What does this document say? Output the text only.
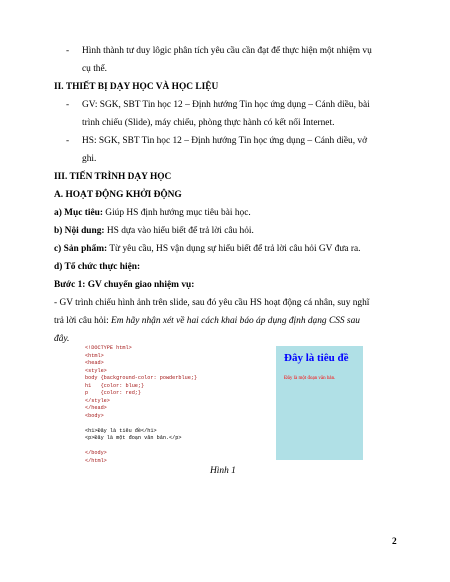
- Hình thành tư duy lôgic phân tích yêu cầu cần đạt để thực hiện một nhiệm vụ
cụ thể.
II. THIẾT BỊ DẠY HỌC VÀ HỌC LIỆU
- GV: SGK, SBT Tin học 12 – Định hướng Tin học ứng dụng – Cánh diều, bài
trình chiếu (Slide), máy chiếu, phòng thực hành có kết nối Internet.
- HS: SGK, SBT Tin học 12 – Định hướng Tin học ứng dụng – Cánh diều, vở
ghi.
III. TIẾN TRÌNH DẠY HỌC
A. HOẠT ĐỘNG KHỞI ĐỘNG
a) Mục tiêu: Giúp HS định hướng mục tiêu bài học.
b) Nội dung: HS dựa vào hiểu biết để trả lời câu hỏi.
c) Sản phẩm: Từ yêu cầu, HS vận dụng sự hiểu biết để trả lời câu hỏi GV đưa ra.
d) Tổ chức thực hiện:
Bước 1: GV chuyển giao nhiệm vụ:
- GV trình chiếu hình ảnh trên slide, sau đó yêu cầu HS hoạt động cá nhân, suy nghĩ
trả lời câu hỏi: Em hãy nhận xét về hai cách khai báo áp dụng định dạng CSS sau
đây.
<!DOCTYPE html>
<html>
<head>
<style>
body {background-color: powderblue;}
h1   {color: blue;}
p    {color: red;}
</style>
</head>
<body>

<h1>Đây là tiêu đề</h1>
<p>Đây là một đoạn văn bản.</p>

</body>
</html>
Đây là tiêu đề
Đây là một đoạn văn bản.
Hình 1
2
